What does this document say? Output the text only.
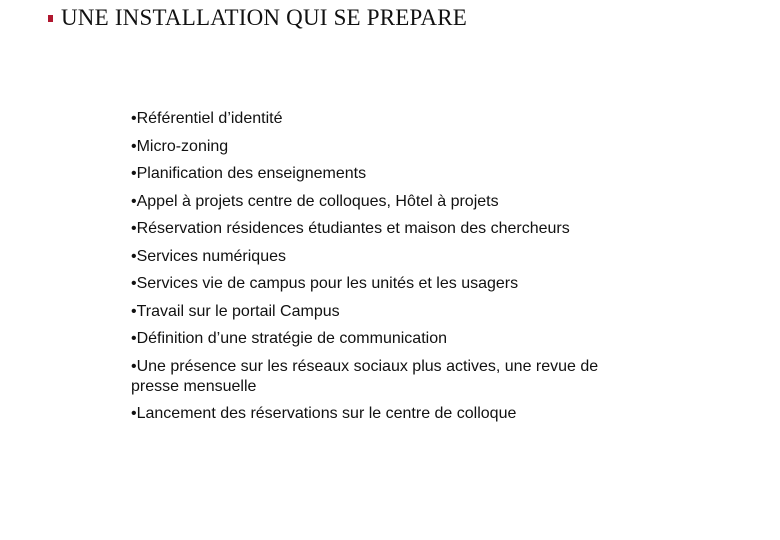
UNE INSTALLATION QUI SE PREPARE
•Référentiel d’identité
•Micro-zoning
•Planification des enseignements
•Appel à projets centre de colloques, Hôtel à projets
•Réservation résidences étudiantes et maison des chercheurs
•Services numériques
•Services vie de campus pour les unités et les usagers
•Travail sur le portail Campus
•Définition d’une stratégie de communication
•Une présence sur les réseaux sociaux plus actives, une revue de presse mensuelle
•Lancement des réservations sur le centre de colloque
